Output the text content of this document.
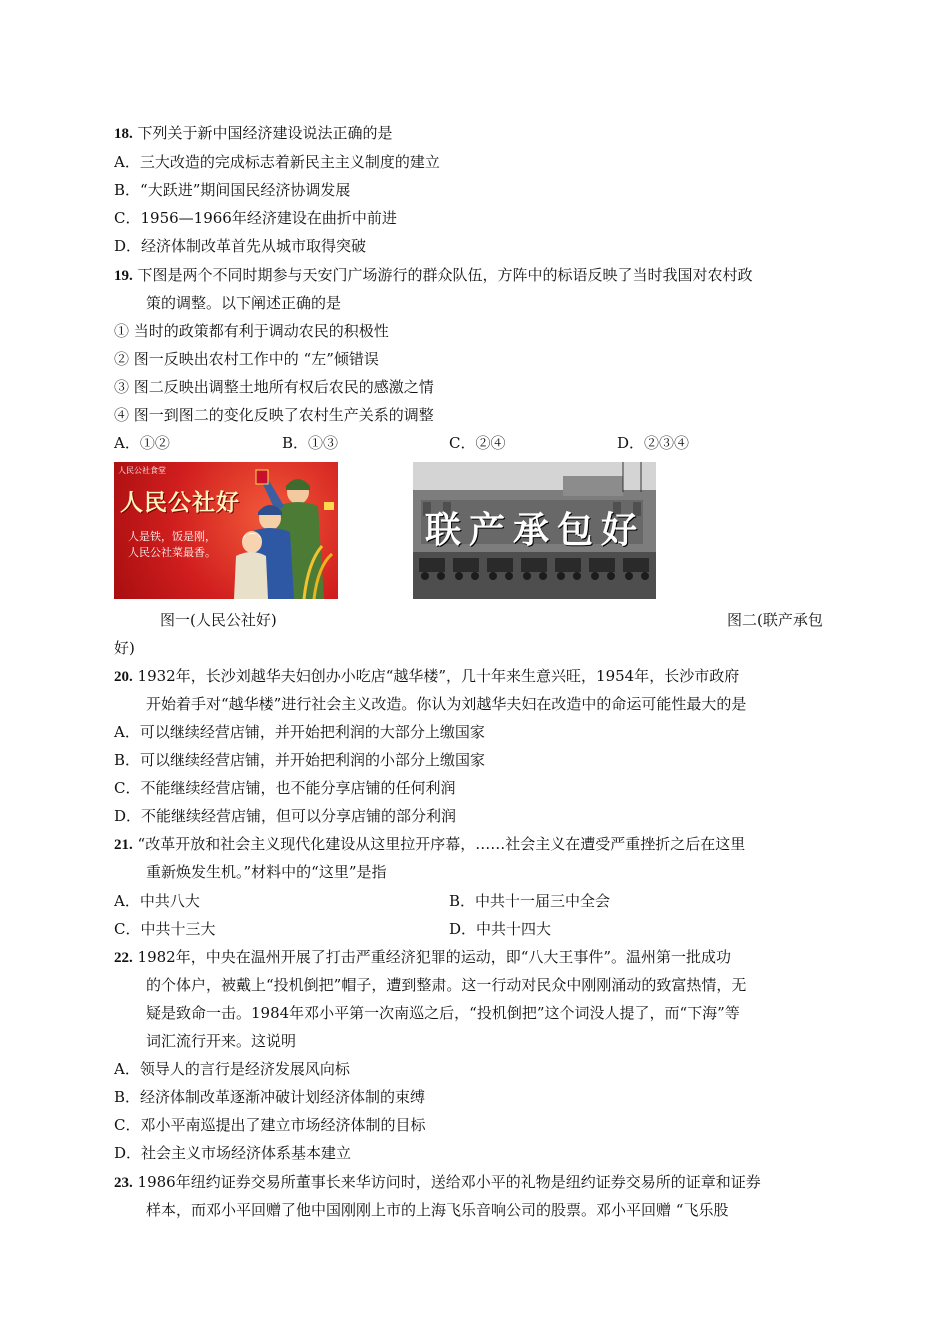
18. 下列关于新中国经济建设说法正确的是
A．三大改造的完成标志着新民主主义制度的建立
B．“大跃进”期间国民经济协调发展
C．1956—1966年经济建设在曲折中前进
D．经济体制改革首先从城市取得突破
19. 下图是两个不同时期参与天安门广场游行的群众队伍，方阵中的标语反映了当时我国对农村政
策的调整。以下阐述正确的是
① 当时的政策都有利于调动农民的积极性
② 图一反映出农村工作中的 “左”倾错误
③ 图二反映出调整土地所有权后农民的感激之情
④ 图一到图二的变化反映了农村生产关系的调整
A．①②	B．①③	C．②④	D．②③④
人民公社食堂
人民公社好
人是铁，饭是刚，
人民公社菜最香。
联产承包好
图一(人民公社好)	图二(联产承包
好)
20. 1932年，长沙刘越华夫妇创办小吃店“越华楼”，几十年来生意兴旺，1954年，长沙市政府
开始着手对“越华楼”进行社会主义改造。你认为刘越华夫妇在改造中的命运可能性最大的是
A．可以继续经营店铺，并开始把利润的大部分上缴国家
B．可以继续经营店铺，并开始把利润的小部分上缴国家
C．不能继续经营店铺，也不能分享店铺的任何利润
D．不能继续经营店铺，但可以分享店铺的部分利润
21. “改革开放和社会主义现代化建设从这里拉开序幕，……社会主义在遭受严重挫折之后在这里
重新焕发生机。”材料中的“这里”是指
A．中共八大	B．中共十一届三中全会
C．中共十三大	D．中共十四大
22. 1982年，中央在温州开展了打击严重经济犯罪的运动，即“八大王事件”。温州第一批成功
的个体户，被戴上“投机倒把”帽子，遭到整肃。这一行动对民众中刚刚涌动的致富热情，无
疑是致命一击。1984年邓小平第一次南巡之后，“投机倒把”这个词没人提了，而“下海”等
词汇流行开来。这说明
A．领导人的言行是经济发展风向标
B．经济体制改革逐渐冲破计划经济体制的束缚
C．邓小平南巡提出了建立市场经济体制的目标
D．社会主义市场经济体系基本建立
23. 1986年纽约证券交易所董事长来华访问时，送给邓小平的礼物是纽约证券交易所的证章和证券
样本，而邓小平回赠了他中国刚刚上市的上海飞乐音响公司的股票。邓小平回赠 “飞乐股
